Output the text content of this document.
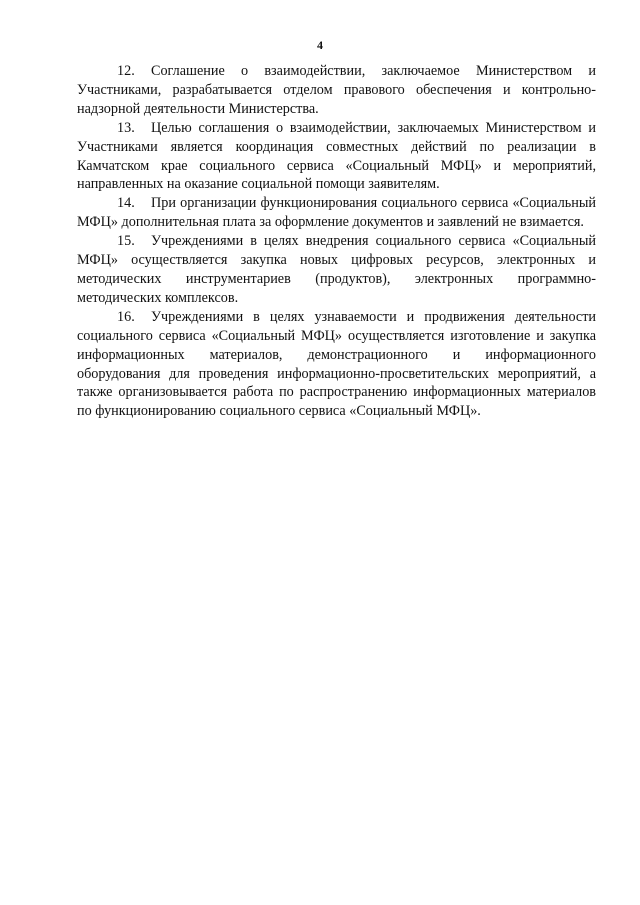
4

12. Соглашение о взаимодействии, заключаемое Министерством и Участниками, разрабатывается отделом правового обеспечения и контрольно-надзорной деятельности Министерства.

13. Целью соглашения о взаимодействии, заключаемых Министерством и Участниками является координация совместных действий по реализации в Камчатском крае социального сервиса «Социальный МФЦ» и мероприятий, направленных на оказание социальной помощи заявителям.

14. При организации функционирования социального сервиса «Социальный МФЦ» дополнительная плата за оформление документов и заявлений не взимается.

15. Учреждениями в целях внедрения социального сервиса «Социальный МФЦ» осуществляется закупка новых цифровых ресурсов, электронных и методических инструментариев (продуктов), электронных программно-методических комплексов.

16. Учреждениями в целях узнаваемости и продвижения деятельности социального сервиса «Социальный МФЦ» осуществляется изготовление и закупка информационных материалов, демонстрационного и информационного оборудования для проведения информационно-просветительских мероприятий, а также организовывается работа по распространению информационных материалов по функционированию социального сервиса «Социальный МФЦ».
